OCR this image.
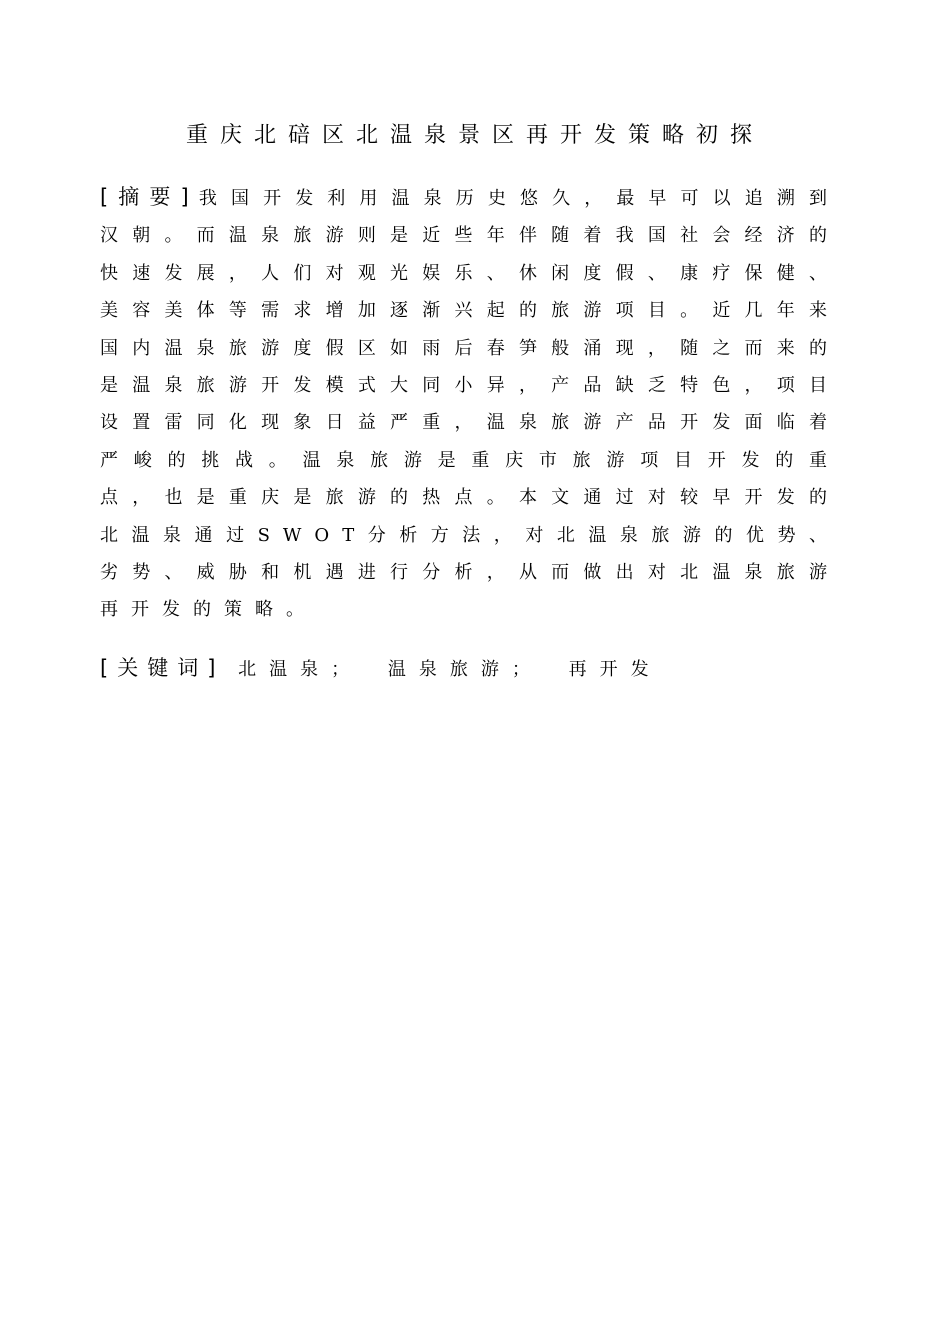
重庆北碚区北温泉景区再开发策略初探
[摘要]我国开发利用温泉历史悠久，最早可以追溯到汉朝。而温泉旅游则是近些年伴随着我国社会经济的快速发展，人们对观光娱乐、休闲度假、康疗保健、美容美体等需求增加逐渐兴起的旅游项目。近几年来国内温泉旅游度假区如雨后春笋般涌现，随之而来的是温泉旅游开发模式大同小异，产品缺乏特色，项目设置雷同化现象日益严重，温泉旅游产品开发面临着严峻的挑战。温泉旅游是重庆市旅游项目开发的重点，也是重庆是旅游的热点。本文通过对较早开发的北温泉通过SWOT分析方法，对北温泉旅游的优势、劣势、威胁和机遇进行分析，从而做出对北温泉旅游再开发的策略。
[关键词] 北温泉； 温泉旅游； 再开发
